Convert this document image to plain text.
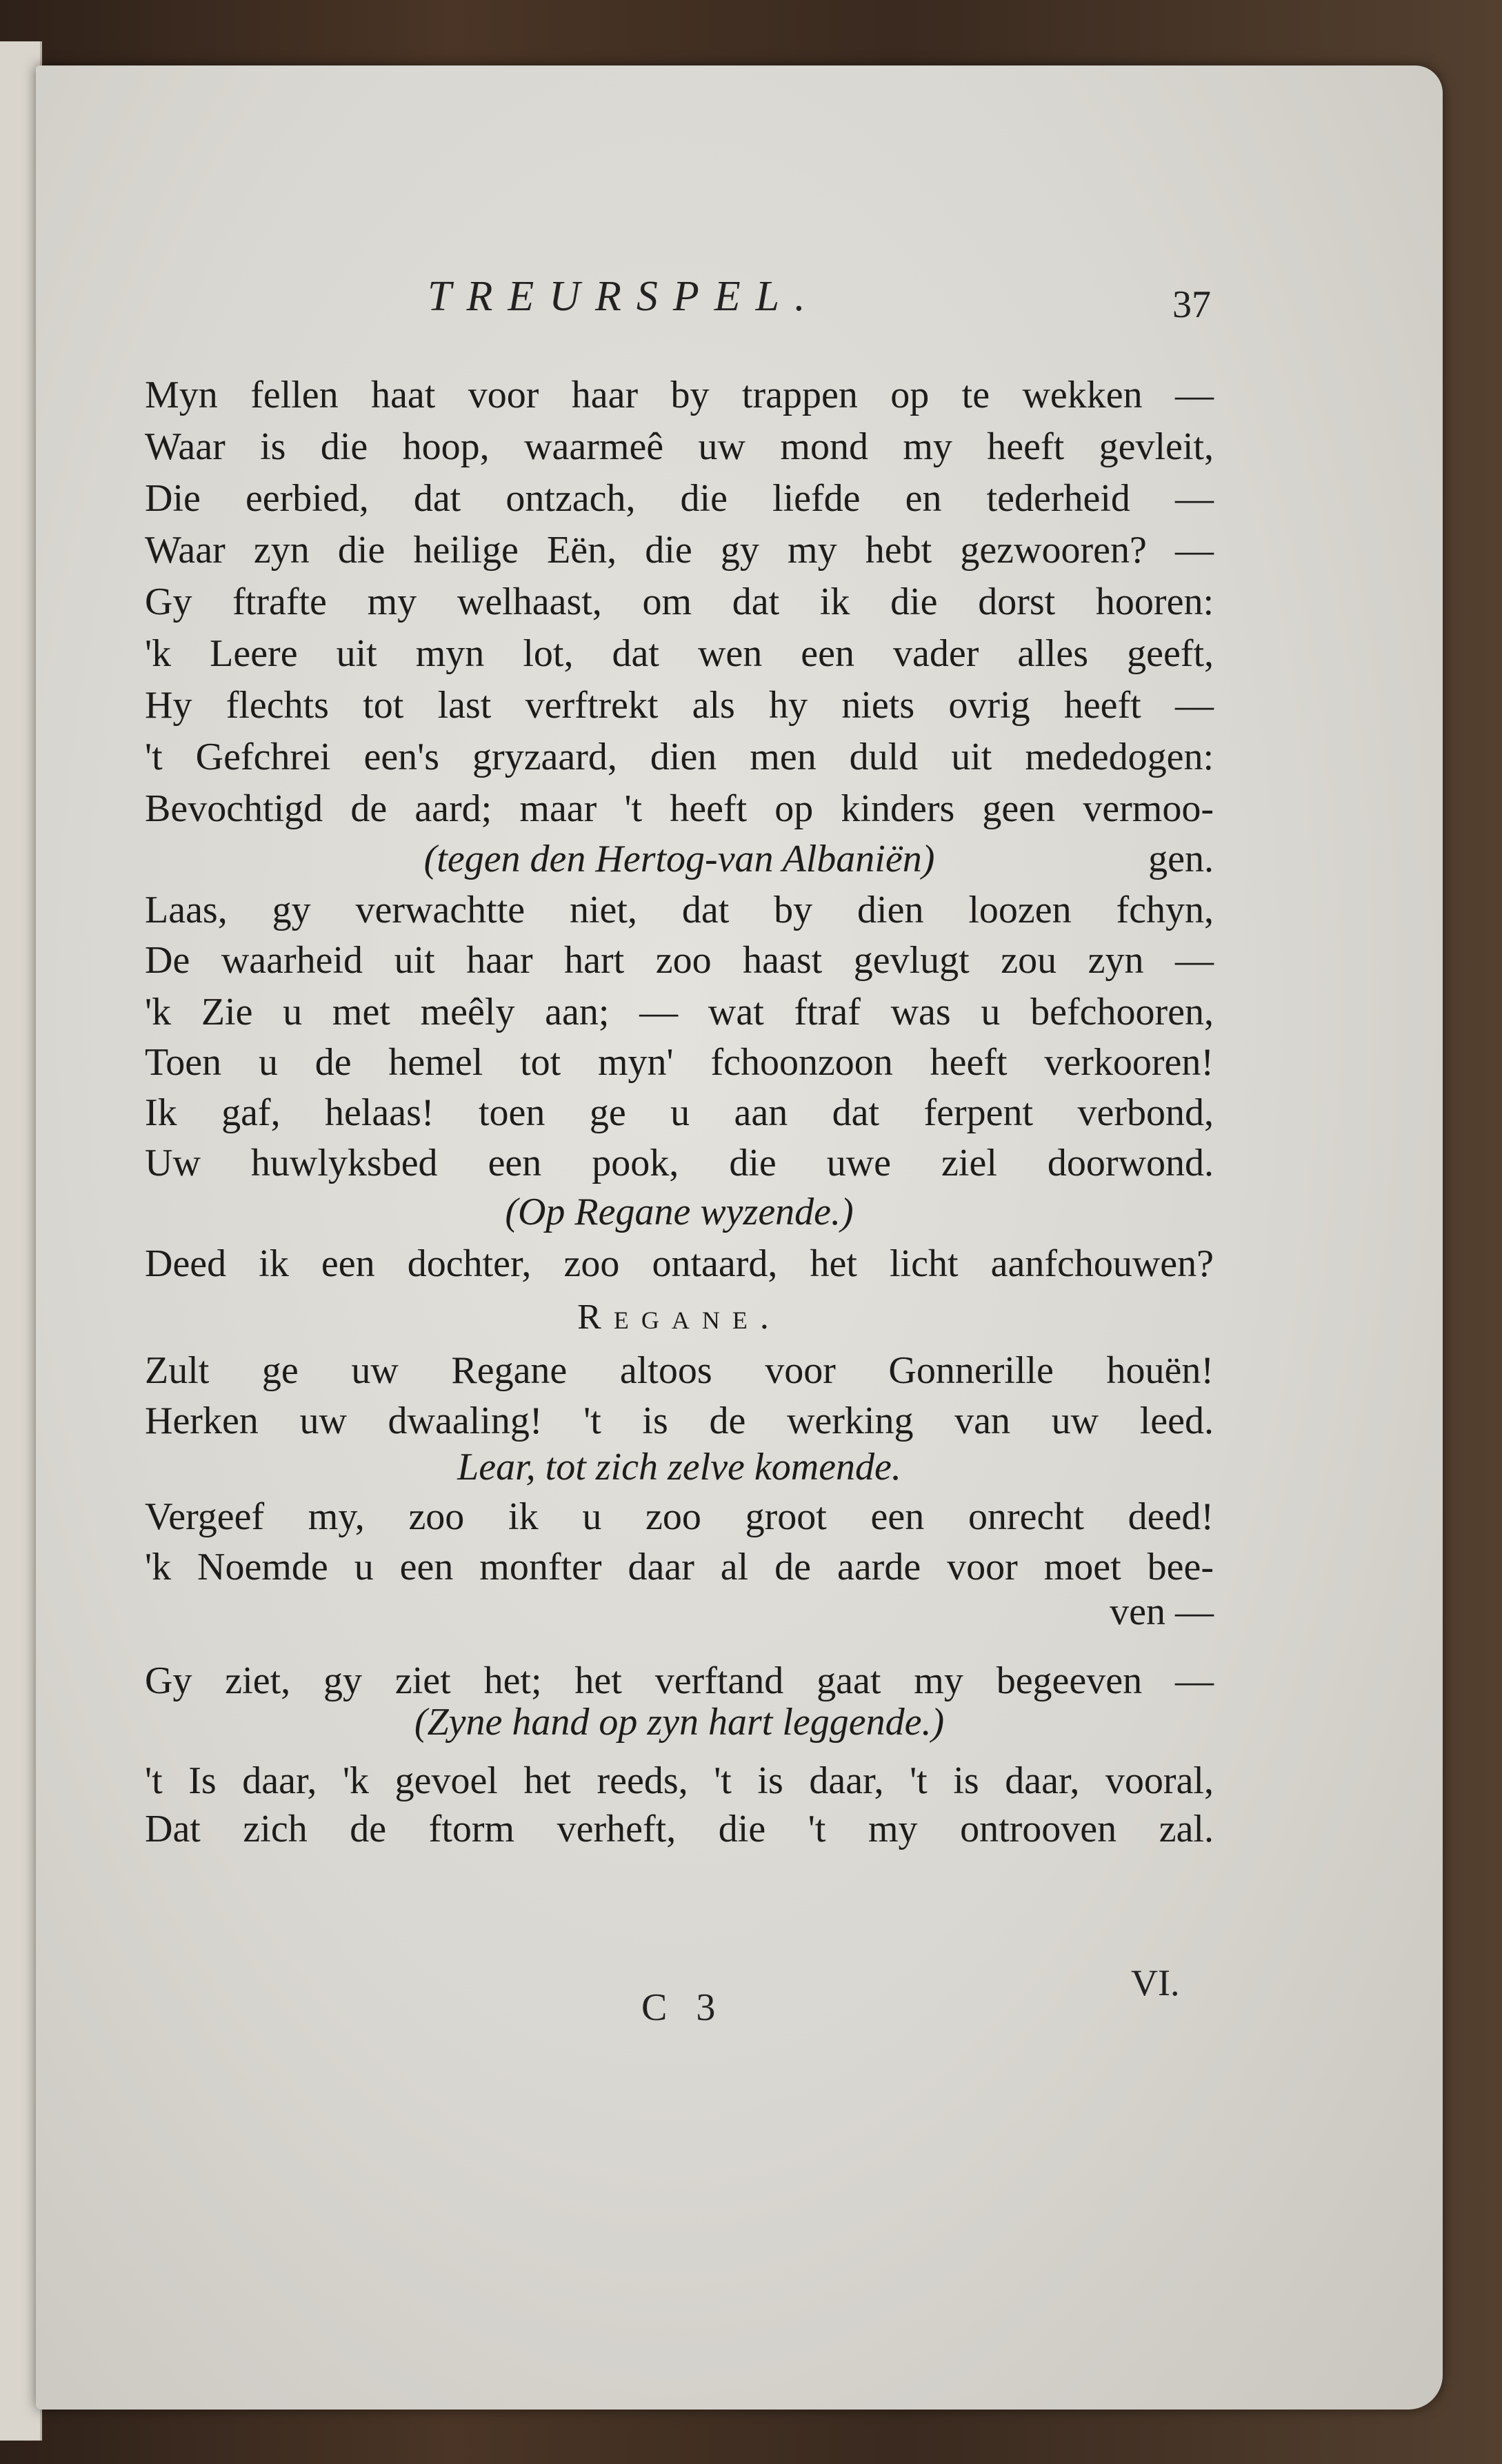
TREURSPEL.	37
Myn fellen haat voor haar by trappen op te wekken —
Waar is die hoop, waarmeê uw mond my heeft gevleit,
Die eerbied, dat ontzach, die liefde en tederheid —
Waar zyn die heilige Eën, die gy my hebt gezwooren? —
Gy ftrafte my welhaast, om dat ik die dorst hooren:
'k Leere uit myn lot, dat wen een vader alles geeft,
Hy flechts tot last verftrekt als hy niets ovrig heeft —
't Gefchrei een's gryzaard, dien men duld uit mededogen:
Bevochtigd de aard; maar 't heeft op kinders geen vermoo-
(tegen den Hertog-van Albaniën)	gen.
Laas, gy verwachtte niet, dat by dien loozen fchyn,
De waarheid uit haar hart zoo haast gevlugt zou zyn —
'k Zie u met meêly aan; — wat ftraf was u befchooren,
Toen u de hemel tot myn' fchoonzoon heeft verkooren!
Ik gaf, helaas! toen ge u aan dat ferpent verbond,
Uw huwlyksbed een pook, die uwe ziel doorwond.
(Op Regane wyzende.)
Deed ik een dochter, zoo ontaard, het licht aanfchouwen?
Regane.
Zult ge uw Regane altoos voor Gonnerille houën!
Herken uw dwaaling! 't is de werking van uw leed.
Lear, tot zich zelve komende.
Vergeef my, zoo ik u zoo groot een onrecht deed!
'k Noemde u een monfter daar al de aarde voor moet bee-
ven —
Gy ziet, gy ziet het; het verftand gaat my begeeven —
(Zyne hand op zyn hart leggende.)
't Is daar, 'k gevoel het reeds, 't is daar, 't is daar, vooral,
Dat zich de ftorm verheft, die 't my ontrooven zal.
C 3
VI.
